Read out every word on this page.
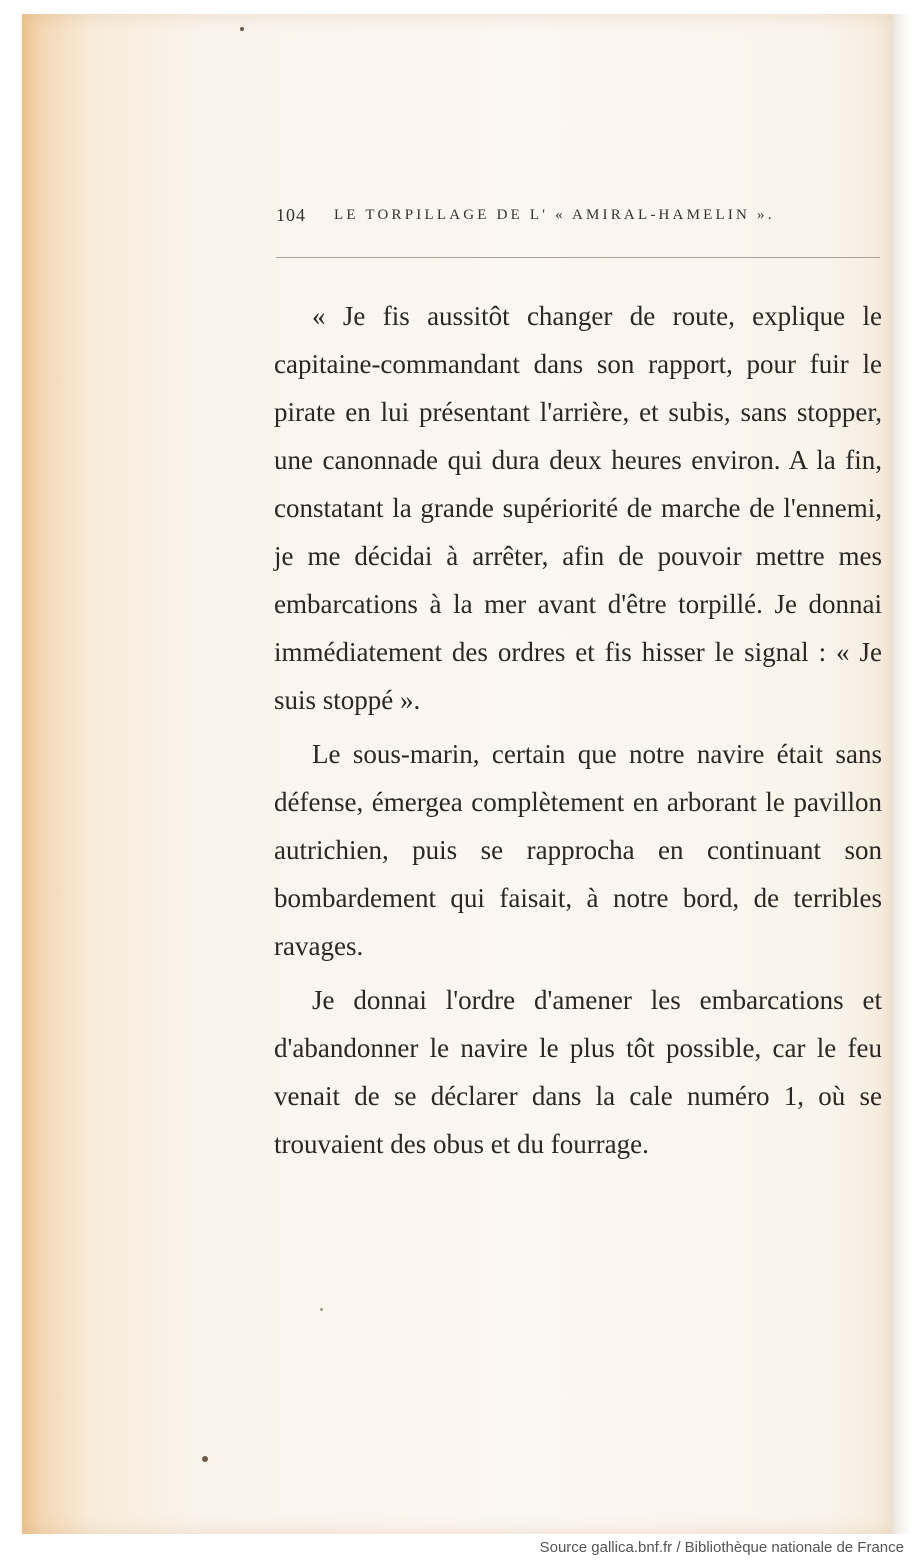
104 LE TORPILLAGE DE L' « AMIRAL-HAMELIN ».

« Je fis aussitôt changer de route, explique le capitaine-commandant dans son rapport, pour fuir le pirate en lui présentant l'arrière, et subis, sans stopper, une canonnade qui dura deux heures environ. A la fin, constatant la grande supériorité de marche de l'ennemi, je me décidai à arrêter, afin de pouvoir mettre mes embarcations à la mer avant d'être torpillé. Je donnai immédiatement des ordres et fis hisser le signal : « Je suis stoppé ».

Le sous-marin, certain que notre navire était sans défense, émergea complètement en arborant le pavillon autrichien, puis se rapprocha en continuant son bombardement qui faisait, à notre bord, de terribles ravages.

Je donnai l'ordre d'amener les embarcations et d'abandonner le navire le plus tôt possible, car le feu venait de se déclarer dans la cale numéro 1, où se trouvaient des obus et du fourrage.

Source gallica.bnf.fr / Bibliothèque nationale de France
